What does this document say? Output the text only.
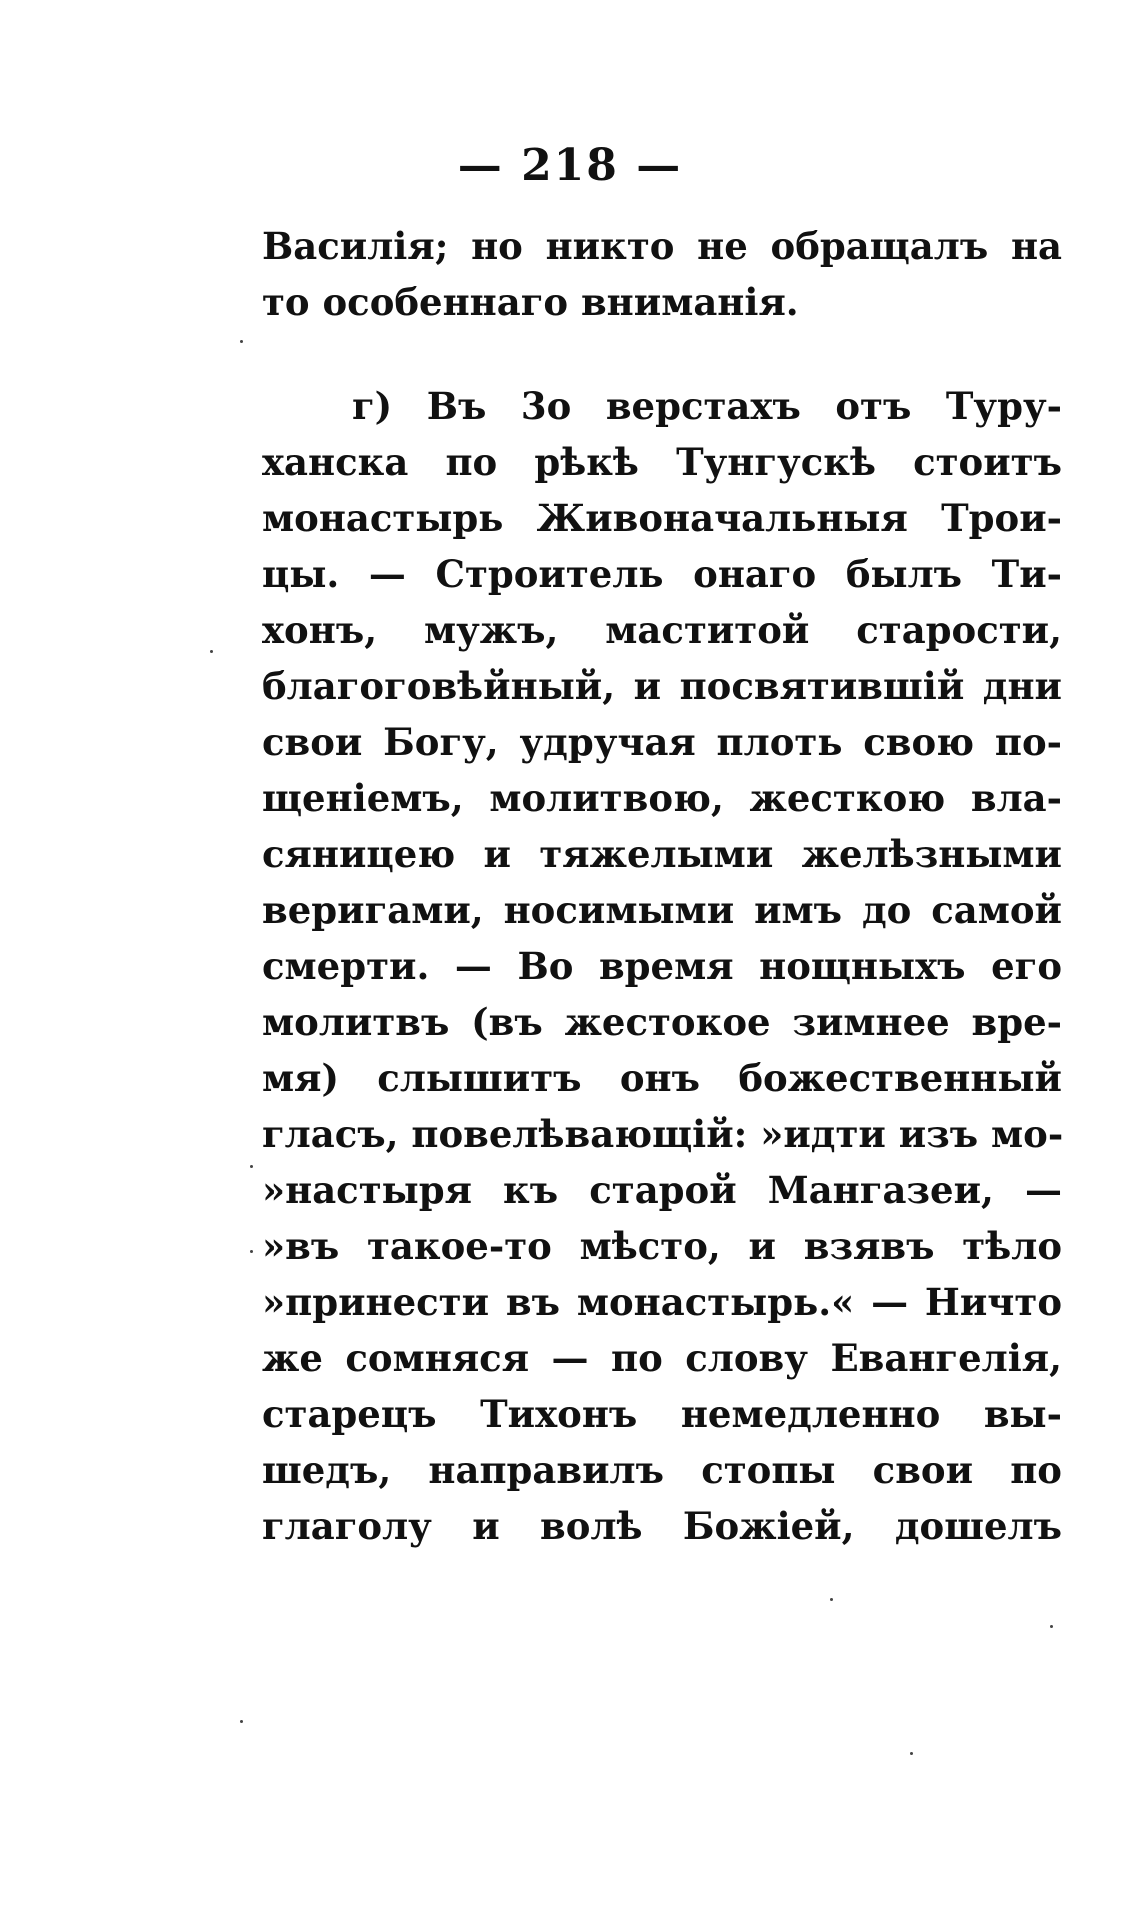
— 218 —
Василія; но никто не обращалъ на
то особеннаго вниманія.
г) Въ 3о верстахъ отъ Туру-
ханска по рѣкѣ Тунгускѣ стоитъ
монастырь Живоначальныя Трои-
цы. — Строитель онаго былъ Ти-
хонъ, мужъ, маститой старости,
благоговѣйный, и посвятившій дни
свои Богу, удручая плоть свою по-
щеніемъ, молитвою, жесткою вла-
сяницею и тяжелыми желѣзными
веригами, носимыми имъ до самой
смерти. — Во время нощныхъ его
молитвъ (въ жестокое зимнее вре-
мя) слышитъ онъ божественный
гласъ, повелѣвающій: »идти изъ мо-
»настыря къ старой Мангазеи, —
»въ такое-то мѣсто, и взявъ тѣло
»принести въ монастырь.« — Ничто
же сомняся — по слову Евангелія,
старецъ Тихонъ немедленно вы-
шедъ, направилъ стопы свои по
глаголу и волѣ Божіей, дошелъ
